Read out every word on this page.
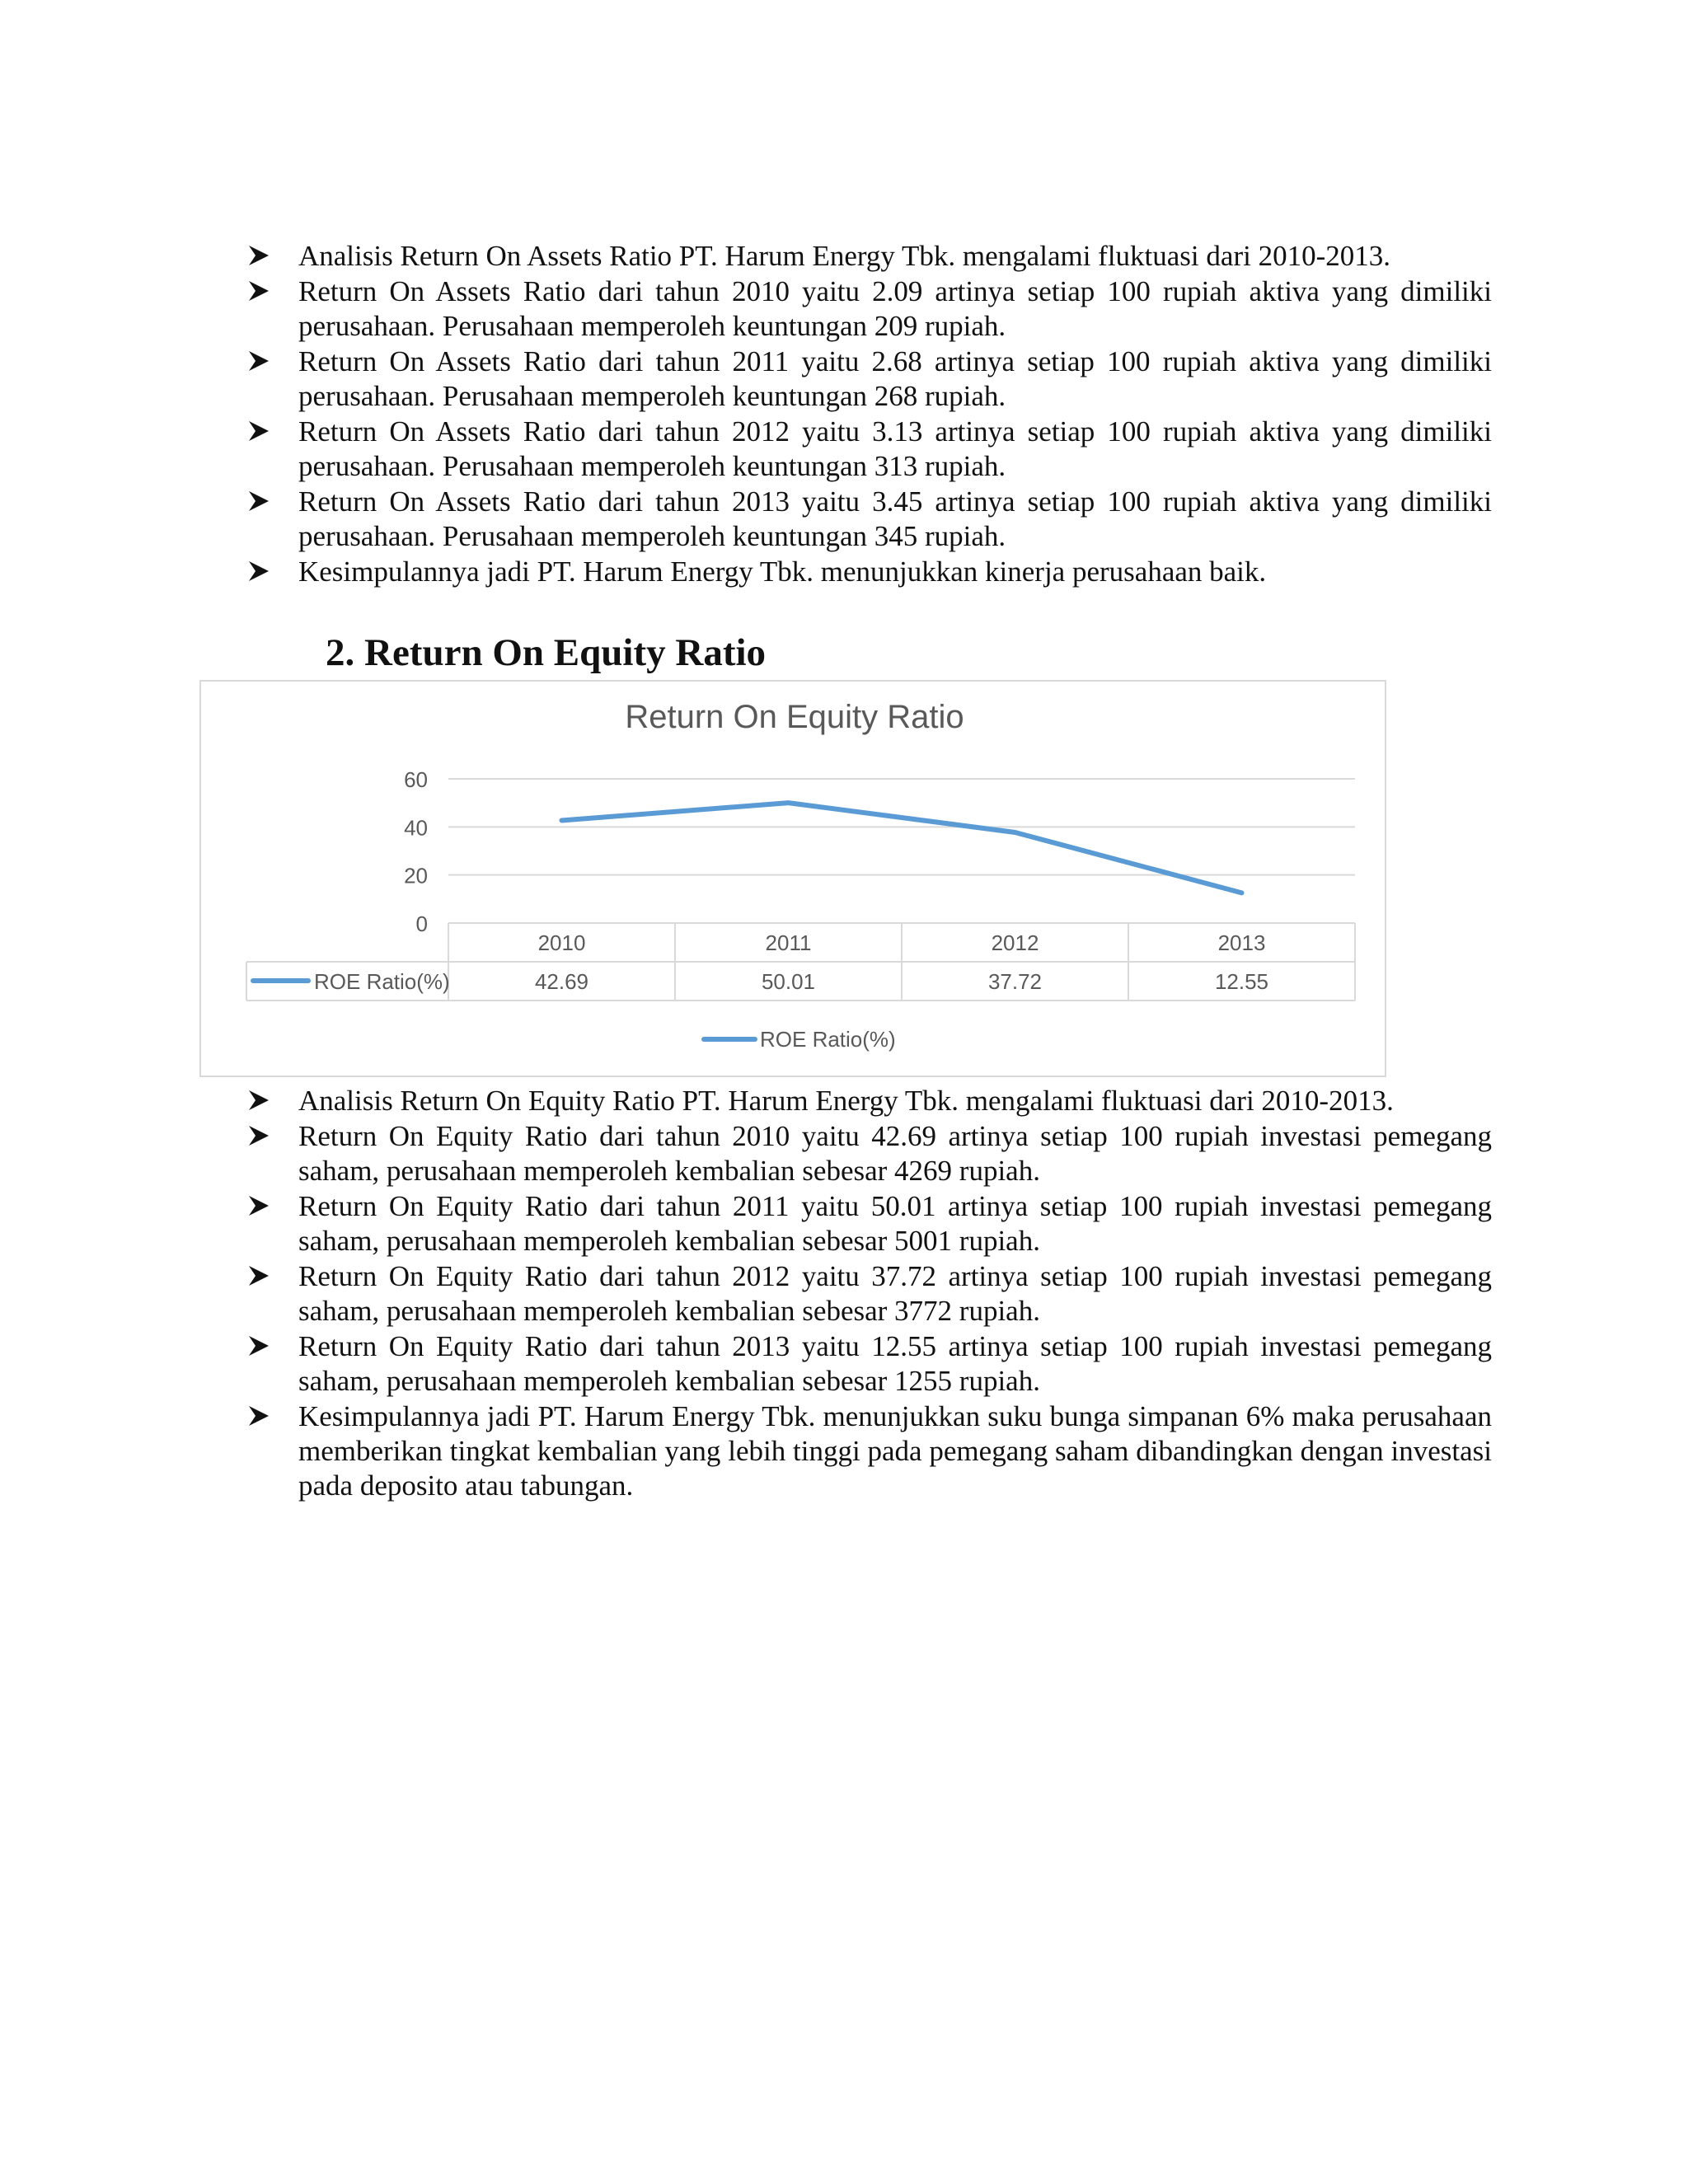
Analisis Return On Assets Ratio PT. Harum Energy Tbk. mengalami fluktuasi dari 2010-2013.
Return On Assets Ratio dari tahun 2010 yaitu 2.09 artinya setiap 100 rupiah aktiva yang dimiliki perusahaan. Perusahaan memperoleh keuntungan 209 rupiah.
Return On Assets Ratio dari tahun 2011 yaitu 2.68 artinya setiap 100 rupiah aktiva yang dimiliki perusahaan. Perusahaan memperoleh keuntungan 268 rupiah.
Return On Assets Ratio dari tahun 2012 yaitu 3.13 artinya setiap 100 rupiah aktiva yang dimiliki perusahaan. Perusahaan memperoleh keuntungan 313 rupiah.
Return On Assets Ratio dari tahun 2013 yaitu 3.45 artinya setiap 100 rupiah aktiva yang dimiliki perusahaan. Perusahaan memperoleh keuntungan 345 rupiah.
Kesimpulannya jadi PT. Harum Energy Tbk. menunjukkan kinerja perusahaan baik.
2. Return On Equity Ratio
Return On Equity Ratio
0
20
40
60
2010
42.69
2011
50.01
2012
37.72
2013
12.55
ROE Ratio(%)
ROE Ratio(%)
Analisis Return On Equity Ratio PT. Harum Energy Tbk. mengalami fluktuasi dari 2010-2013.
Return On Equity Ratio dari tahun 2010 yaitu 42.69 artinya setiap 100 rupiah investasi pemegang saham, perusahaan memperoleh kembalian sebesar 4269 rupiah.
Return On Equity Ratio dari tahun 2011 yaitu 50.01 artinya setiap 100 rupiah investasi pemegang saham, perusahaan memperoleh kembalian sebesar 5001 rupiah.
Return On Equity Ratio dari tahun 2012 yaitu 37.72 artinya setiap 100 rupiah investasi pemegang saham, perusahaan memperoleh kembalian sebesar 3772 rupiah.
Return On Equity Ratio dari tahun 2013 yaitu 12.55 artinya setiap 100 rupiah investasi pemegang saham, perusahaan memperoleh kembalian sebesar 1255 rupiah.
Kesimpulannya jadi PT. Harum Energy Tbk. menunjukkan suku bunga simpanan 6% maka perusahaan memberikan tingkat kembalian yang lebih tinggi pada pemegang saham dibandingkan dengan investasi pada deposito atau tabungan.
